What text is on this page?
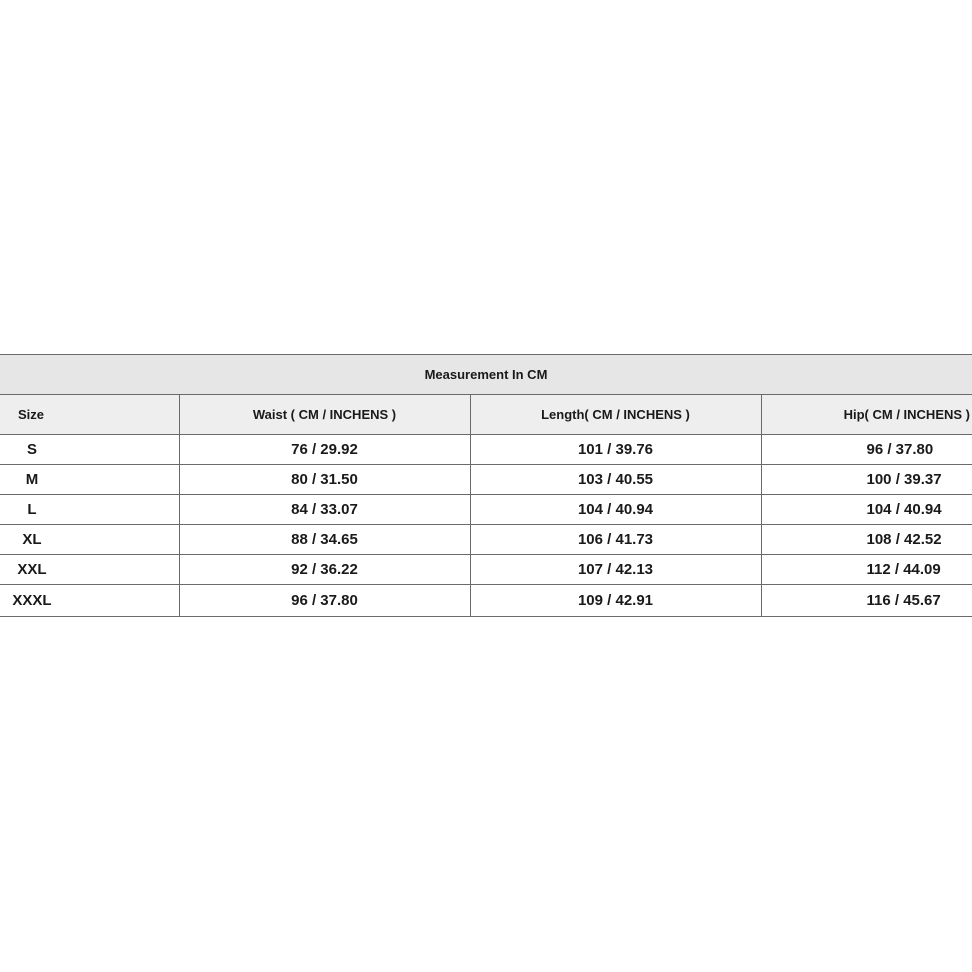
Measurement In CM			
Size	Waist ( CM / INCHENS )	Length( CM / INCHENS )	Hip( CM / INCHENS )
S	76 / 29.92	101 / 39.76	96 / 37.80
M	80 / 31.50	103 / 40.55	100 / 39.37
L	84 / 33.07	104 / 40.94	104 / 40.94
XL	88 / 34.65	106 / 41.73	108 / 42.52
XXL	92 / 36.22	107 / 42.13	112 / 44.09
XXXL	96 / 37.80	109 / 42.91	116 / 45.67
